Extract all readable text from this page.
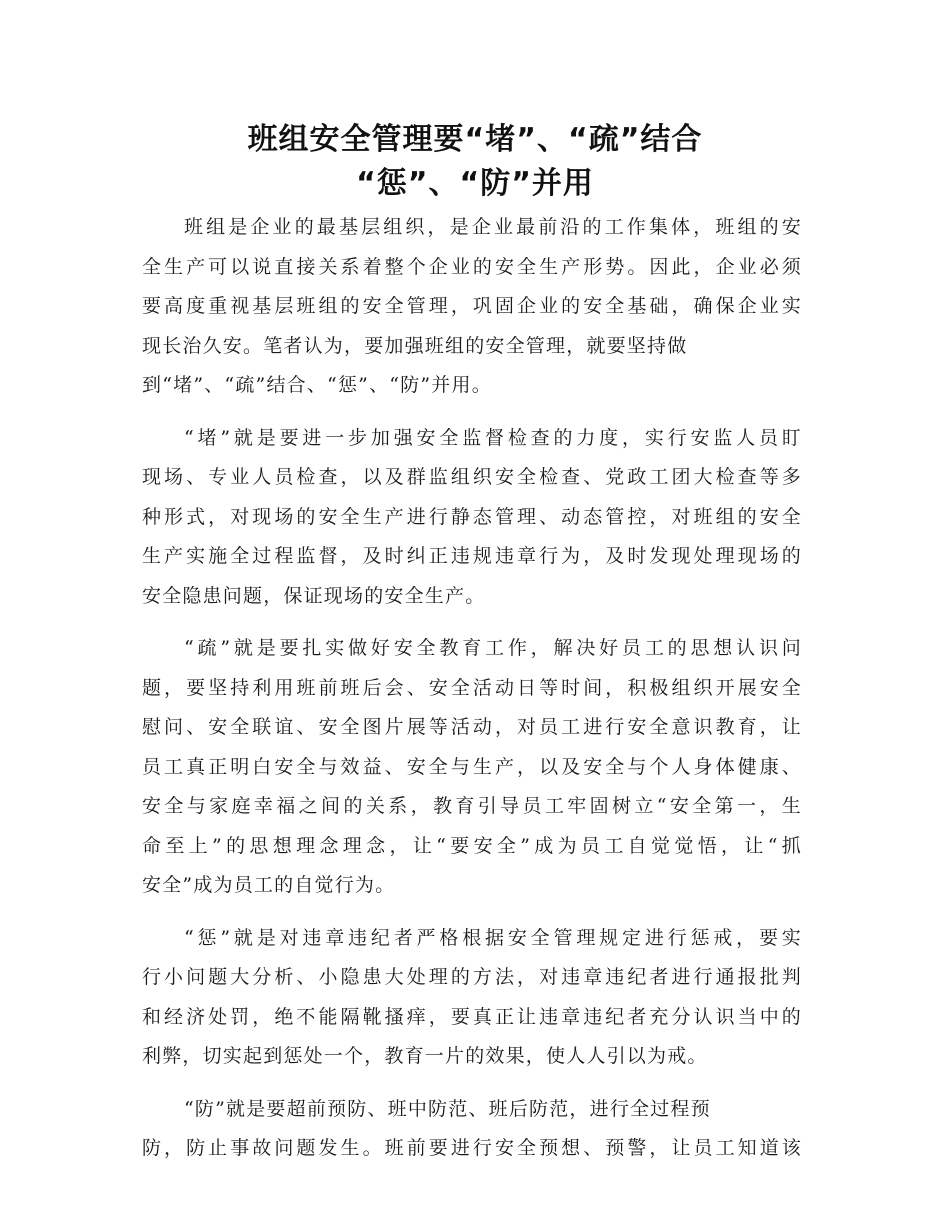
班组安全管理要“堵”、“疏”结合
“惩”、“防”并用
班组是企业的最基层组织，是企业最前沿的工作集体，班组的安
全生产可以说直接关系着整个企业的安全生产形势。因此，企业必须
要高度重视基层班组的安全管理，巩固企业的安全基础，确保企业实
现长治久安。笔者认为，要加强班组的安全管理，就要坚持做
到“堵”、“疏”结合、“惩”、“防”并用。
“堵”就是要进一步加强安全监督检查的力度，实行安监人员盯
现场、专业人员检查，以及群监组织安全检查、党政工团大检查等多
种形式，对现场的安全生产进行静态管理、动态管控，对班组的安全
生产实施全过程监督，及时纠正违规违章行为，及时发现处理现场的
安全隐患问题，保证现场的安全生产。
“疏”就是要扎实做好安全教育工作，解决好员工的思想认识问
题，要坚持利用班前班后会、安全活动日等时间，积极组织开展安全
慰问、安全联谊、安全图片展等活动，对员工进行安全意识教育，让
员工真正明白安全与效益、安全与生产，以及安全与个人身体健康、
安全与家庭幸福之间的关系，教育引导员工牢固树立“安全第一，生
命至上”的思想理念理念，让“要安全”成为员工自觉觉悟，让“抓
安全”成为员工的自觉行为。
“惩”就是对违章违纪者严格根据安全管理规定进行惩戒，要实
行小问题大分析、小隐患大处理的方法，对违章违纪者进行通报批判
和经济处罚，绝不能隔靴搔痒，要真正让违章违纪者充分认识当中的
利弊，切实起到惩处一个，教育一片的效果，使人人引以为戒。
“防”就是要超前预防、班中防范、班后防范，进行全过程预
防，防止事故问题发生。班前要进行安全预想、预警，让员工知道该
